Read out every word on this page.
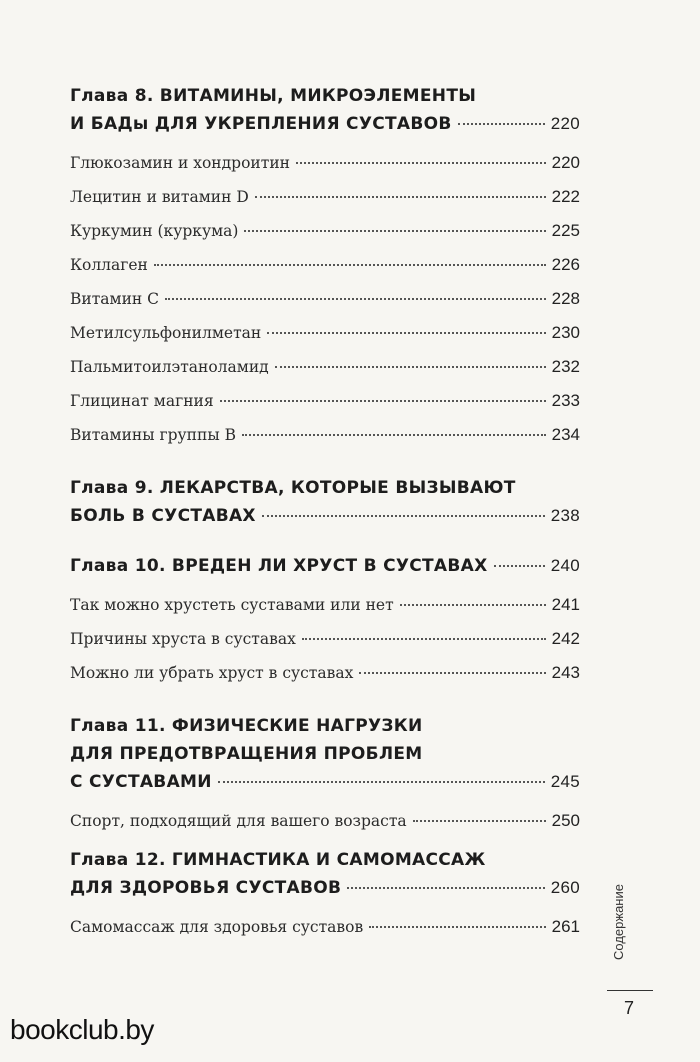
Глава 8. ВИТАМИНЫ, МИКРОЭЛЕМЕНТЫ
И БАДы ДЛЯ УКРЕПЛЕНИЯ СУСТАВОВ	220
Глюкозамин и хондроитин	220
Лецитин и витамин D	222
Куркумин (куркума)	225
Коллаген	226
Витамин С	228
Метилсульфонилметан	230
Пальмитоилэтаноламид	232
Глицинат магния	233
Витамины группы В	234
Глава 9. ЛЕКАРСТВА, КОТОРЫЕ ВЫЗЫВАЮТ
БОЛЬ В СУСТАВАХ	238
Глава 10. ВРЕДЕН ЛИ ХРУСТ В СУСТАВАХ	240
Так можно хрустеть суставами или нет	241
Причины хруста в суставах	242
Можно ли убрать хруст в суставах	243
Глава 11. ФИЗИЧЕСКИЕ НАГРУЗКИ
ДЛЯ ПРЕДОТВРАЩЕНИЯ ПРОБЛЕМ
С СУСТАВАМИ	245
Спорт, подходящий для вашего возраста	250
Глава 12. ГИМНАСТИКА И САМОМАССАЖ
ДЛЯ ЗДОРОВЬЯ СУСТАВОВ	260
Самомассаж для здоровья суставов	261 Содержание
7
bookclub.by
